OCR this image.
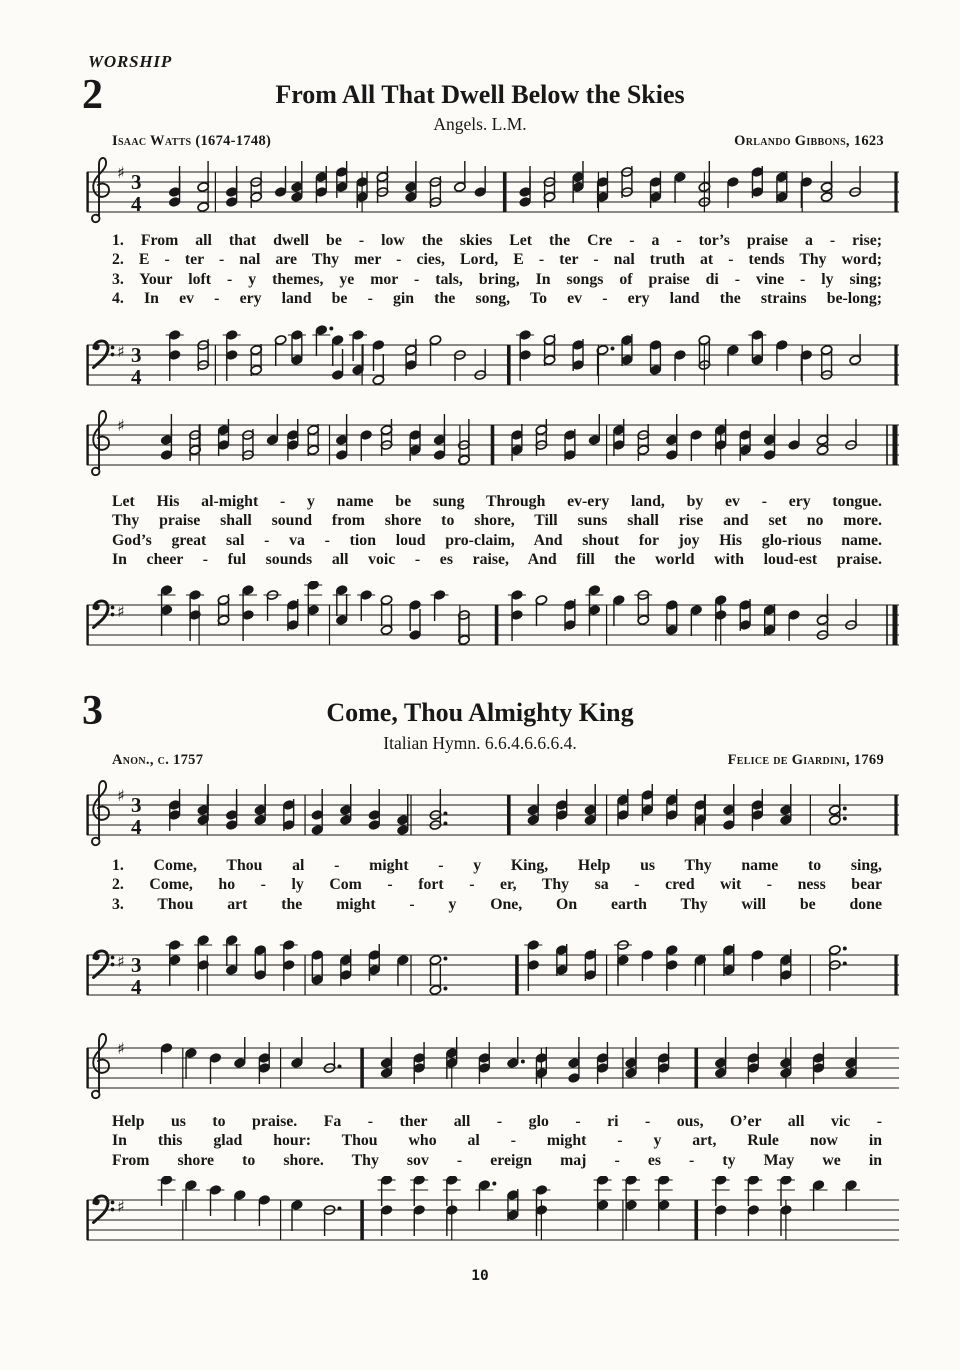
WORSHIP
2	From All That Dwell Below the Skies
Angels. L.M.
Isaac Watts (1674-1748)	Orlando Gibbons, 1623
♯ 3
4
1. From all that dwell be - low the skies Let the Cre - a - tor’s praise a - rise;
2. E - ter - nal are Thy mer - cies, Lord, E - ter - nal truth at - tends Thy word;
3. Your loft - y themes, ye mor - tals, bring, In songs of praise di - vine - ly sing;
4. In ev - ery land be - gin the song, To ev - ery land the strains be-long;
♯ 3
4
♯
Let His al-might - y name be sung Through ev-ery land, by ev - ery tongue.
Thy praise shall sound from shore to shore, Till suns shall rise and set no more.
God’s great sal - va - tion loud pro-claim, And shout for joy His glo-rious name.
In cheer - ful sounds all voic - es raise, And fill the world with loud-est praise.
♯
3	Come, Thou Almighty King
Italian Hymn. 6.6.4.6.6.6.4.
Anon., c. 1757	Felice de Giardini, 1769
♯ 3
4
1. Come, Thou al - might - y King, Help us Thy name to sing,
2. Come, ho - ly Com - fort - er, Thy sa - cred wit - ness bear
3. Thou art the might - y One, On earth Thy will be done
♯ 3
4
♯
Help us to praise. Fa - ther all - glo - ri - ous, O’er all vic -
In this glad hour: Thou who al - might - y art, Rule now in
From shore to shore. Thy sov - ereign maj - es - ty May we in
♯
10
